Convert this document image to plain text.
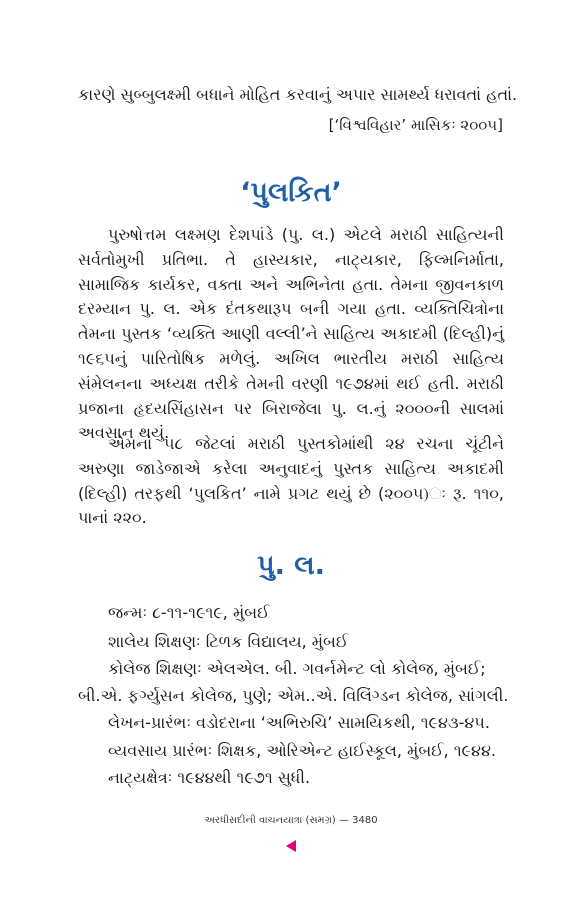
કારણે સુબ્બુલક્ષ્મી બધાને મોહિત કરવાનું અપાર સામર્થ્ય ધરાવતાં હતાં.
[‘વિશ્વવિહાર’ માસિકઃ ૨૦૦૫]
‘પુલકિત’
પુરુષોત્તમ લક્ષ્મણ દેશપાંડે (પુ. લ.) એટલે મરાઠી સાહિત્યની સર્વતોમુખી પ્રતિભા. તે હાસ્યકાર, નાટ્યકાર, ફિલ્મનિર્માતા, સામાજિક કાર્યકર, વક્તા અને અભિનેતા હતા. તેમના જીવનકાળ દરમ્યાન પુ. લ. એક દંતકથારૂપ બની ગયા હતા. વ્યક્તિચિત્રોના તેમના પુસ્તક ‘વ્યક્તિ આણી વલ્લી’ને સાહિત્ય અકાદમી (દિલ્હી)નું ૧૯૬૫નું પારિતોષિક મળેલું. અખિલ ભારતીય મરાઠી સાહિત્ય સંમેલનના અધ્યક્ષ તરીકે તેમની વરણી ૧૯૭૪માં થઈ હતી. મરાઠી પ્રજાના હૃદયસિંહાસન પર બિરાજેલા પુ. લ.નું ૨૦૦૦ની સાલમાં અવસાન થયું.
એમનાં ૫૮ જેટલાં મરાઠી પુસ્તકોમાંથી ૨૪ રચના ચૂંટીને અરુણા જાડેજાએ કરેલા અનુવાદનું પુસ્તક સાહિત્ય અકાદમી (દિલ્હી) તરફથી ‘પુલકિત’ નામે પ્રગટ થયું છે (૨૦૦૫)ઃ રૂ. ૧૧૦, પાનાં ૨૨૦.
પુ. લ.
જન્મઃ ૮-૧૧-૧૯૧૯, મુંબઈ
શાલેય શિક્ષણઃ ટિળક વિદ્યાલય, મુંબઈ
કોલેજ શિક્ષણઃ એલએલ. બી. ગવર્નમેન્ટ લો કોલેજ, મુંબઈ;
બી.એ. ફર્ગ્યુસન કોલેજ, પુણે; એમ..એ. વિલિંગ્ડન કોલેજ, સાંગલી.
લેખન-પ્રારંભઃ વડોદરાના ‘અભિરુચિ’ સામયિકથી, ૧૯૪૩-૪૫.
વ્યવસાય પ્રારંભઃ શિક્ષક, ઓરિએન્ટ હાઈસ્કૂલ, મુંબઈ, ૧૯૪૪.
નાટ્યક્ષેત્રઃ ૧૯૪૪થી ૧૯૭૧ સુધી.
અરધીસદીની વાચનયાત્રા (સમગ્ર) — 3480
